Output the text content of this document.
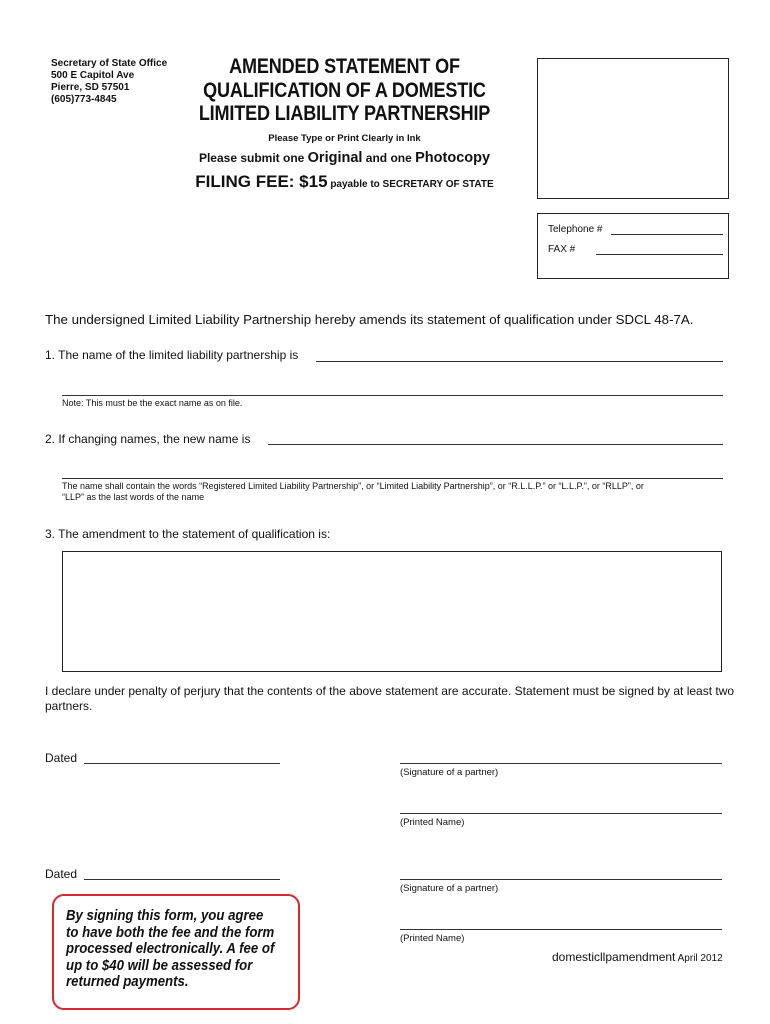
Secretary of State Office
500 E Capitol Ave
Pierre, SD 57501
(605)773-4845
AMENDED STATEMENT OF
QUALIFICATION OF A DOMESTIC
LIMITED LIABILITY PARTNERSHIP
Please Type or Print Clearly in Ink
Please submit one Original and one Photocopy
FILING FEE: $15 payable to SECRETARY OF STATE
Telephone #
FAX #
The undersigned Limited Liability Partnership hereby amends its statement of qualification under SDCL 48-7A.
1. The name of the limited liability partnership is
Note: This must be the exact name as on file.
2. If changing names, the new name is
The name shall contain the words “Registered Limited Liability Partnership”, or “Limited Liability Partnership”, or “R.L.L.P.” or “L.L.P.”, or “RLLP”, or
“LLP” as the last words of the name
3. The amendment to the statement of qualification is:
I declare under penalty of perjury that the contents of the above statement are accurate. Statement must be signed by at least two partners.
Dated
(Signature of a partner)
(Printed Name)
Dated
(Signature of a partner)
(Printed Name)
By signing this form, you agree to have both the fee and the form processed electronically. A fee of up to $40 will be assessed for returned payments.
domesticllpamendment April 2012
